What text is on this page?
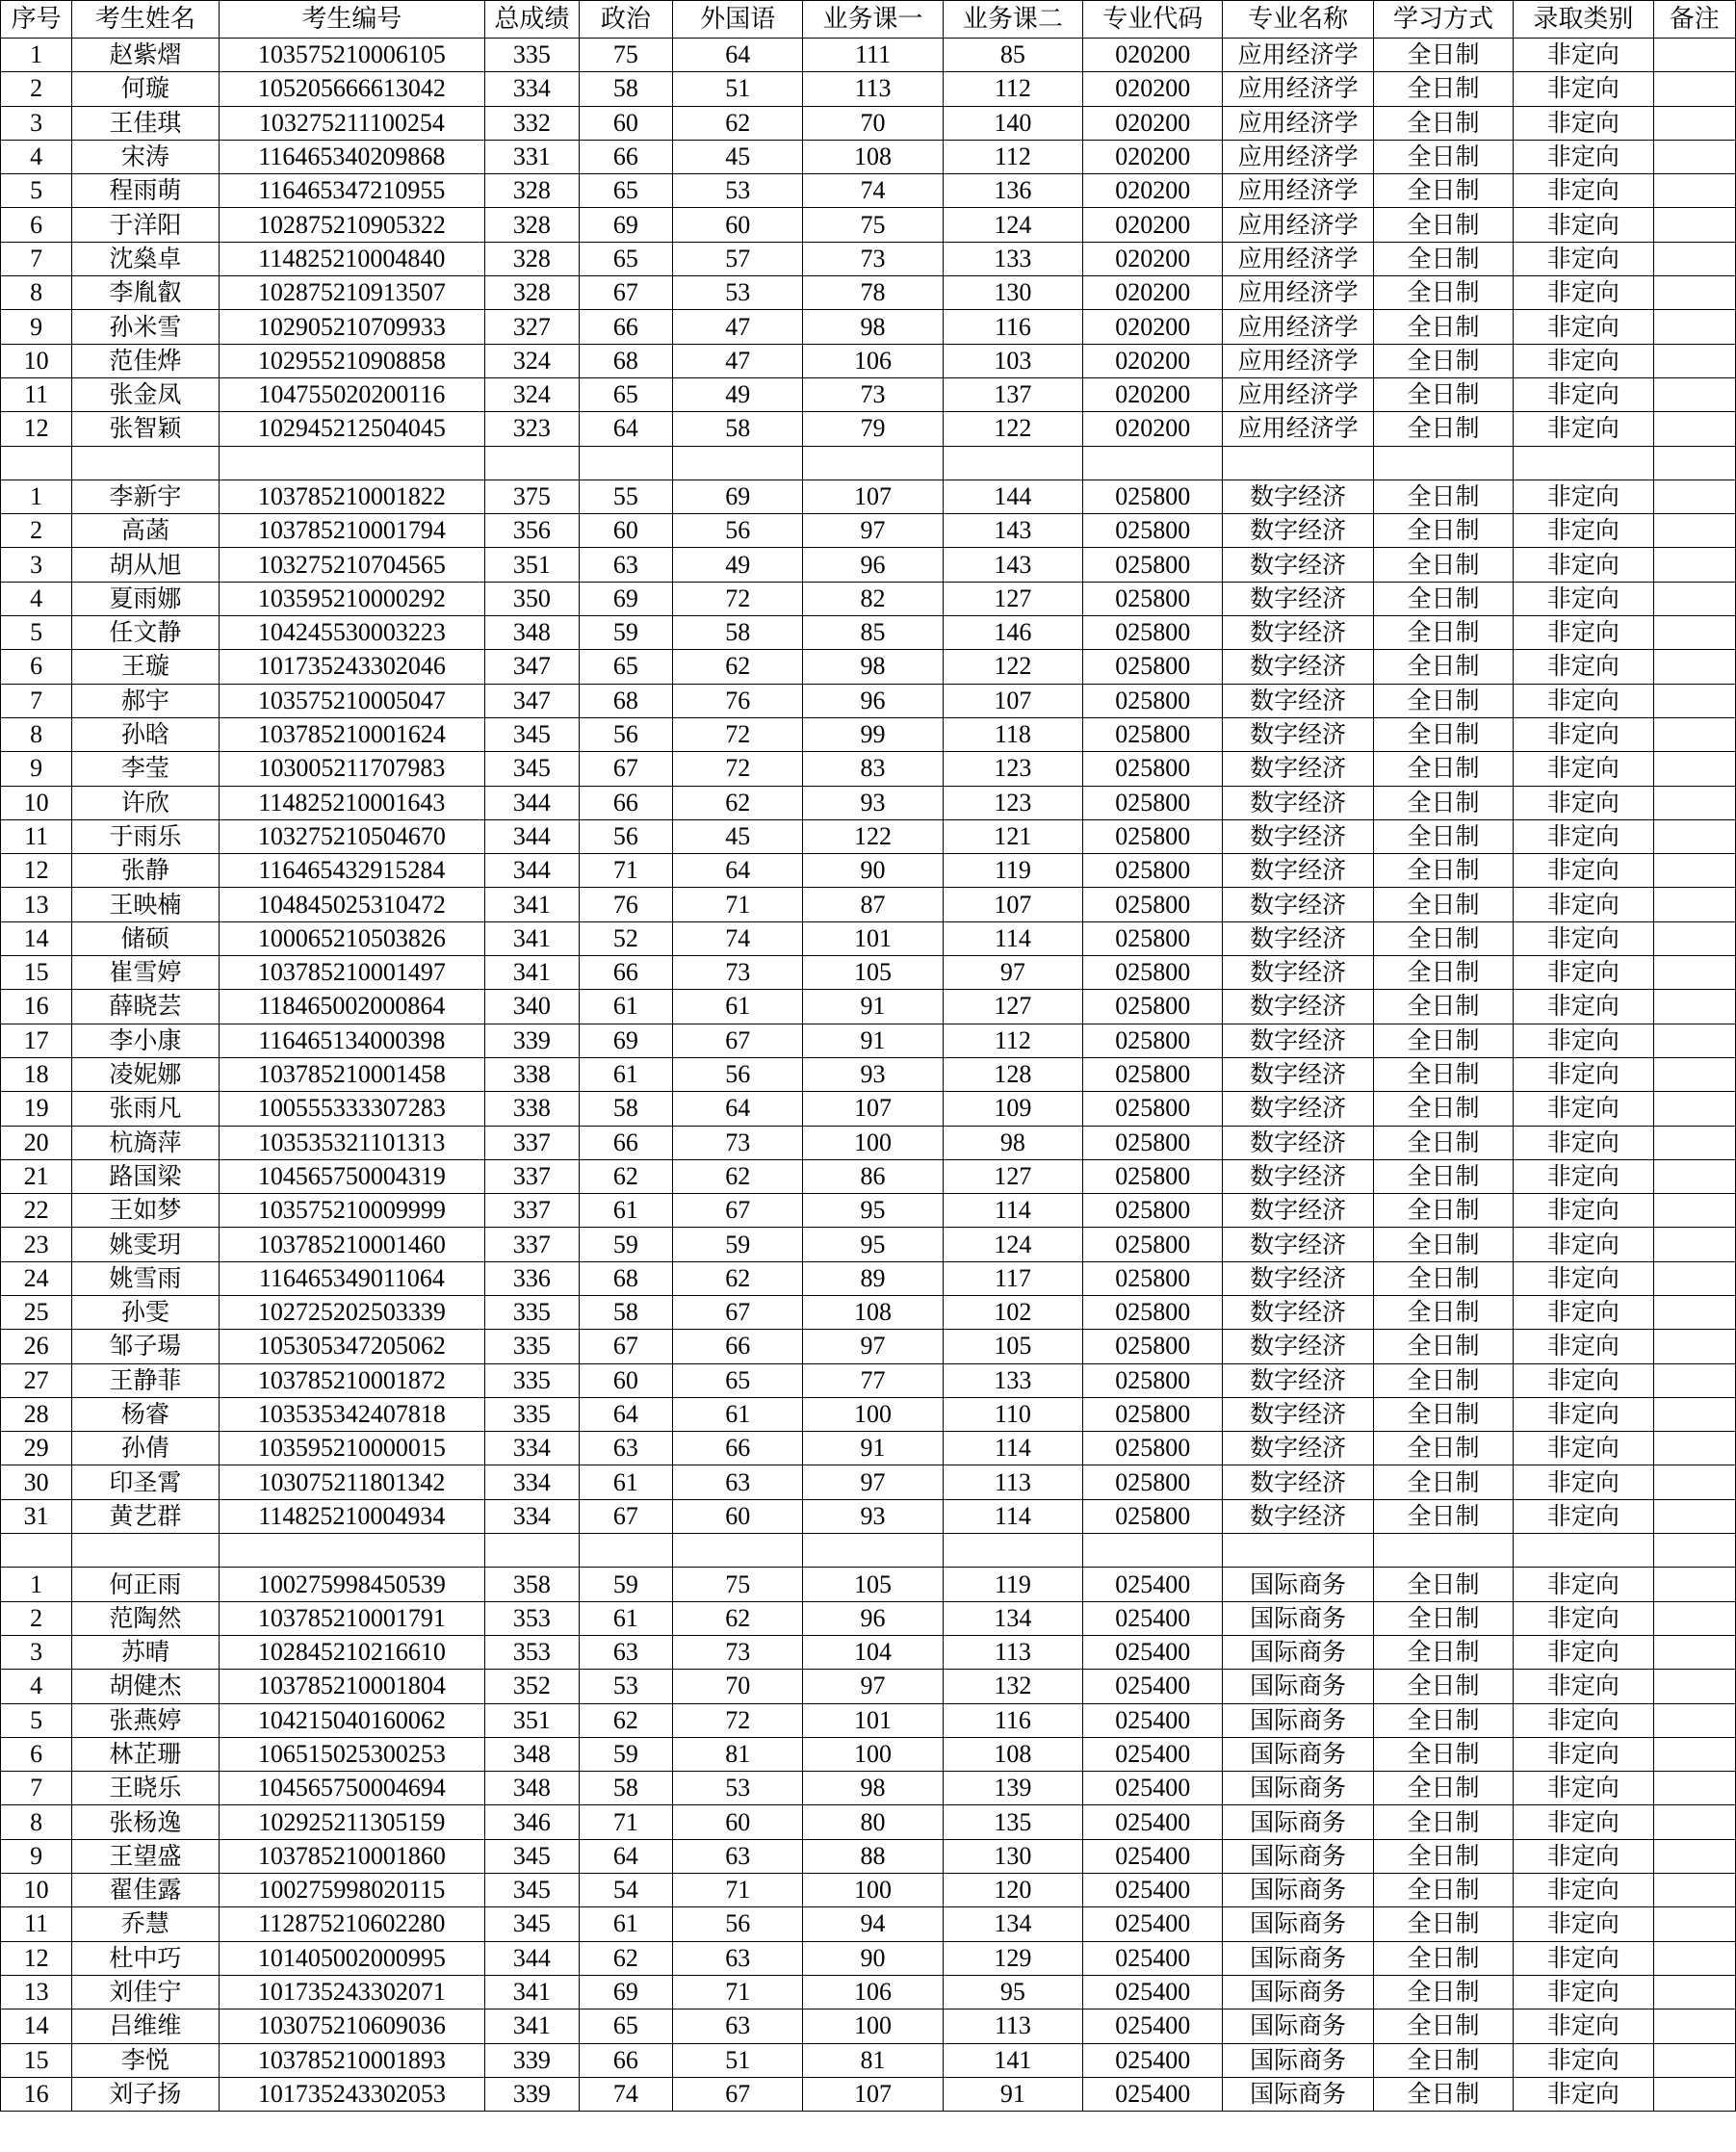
序号	考生姓名	考生编号	总成绩	政治	外国语	业务课一	业务课二	专业代码	专业名称	学习方式	录取类别	备注
1	赵紫熠	103575210006105	335	75	64	111	85	020200	应用经济学	全日制	非定向	
2	何璇	105205666613042	334	58	51	113	112	020200	应用经济学	全日制	非定向	
3	王佳琪	103275211100254	332	60	62	70	140	020200	应用经济学	全日制	非定向	
4	宋涛	116465340209868	331	66	45	108	112	020200	应用经济学	全日制	非定向	
5	程雨萌	116465347210955	328	65	53	74	136	020200	应用经济学	全日制	非定向	
6	于洋阳	102875210905322	328	69	60	75	124	020200	应用经济学	全日制	非定向	
7	沈燊卓	114825210004840	328	65	57	73	133	020200	应用经济学	全日制	非定向	
8	李胤叡	102875210913507	328	67	53	78	130	020200	应用经济学	全日制	非定向	
9	孙米雪	102905210709933	327	66	47	98	116	020200	应用经济学	全日制	非定向	
10	范佳烨	102955210908858	324	68	47	106	103	020200	应用经济学	全日制	非定向	
11	张金凤	104755020200116	324	65	49	73	137	020200	应用经济学	全日制	非定向	
12	张智颖	102945212504045	323	64	58	79	122	020200	应用经济学	全日制	非定向	

1	李新宇	103785210001822	375	55	69	107	144	025800	数字经济	全日制	非定向	
2	高菡	103785210001794	356	60	56	97	143	025800	数字经济	全日制	非定向	
3	胡从旭	103275210704565	351	63	49	96	143	025800	数字经济	全日制	非定向	
4	夏雨娜	103595210000292	350	69	72	82	127	025800	数字经济	全日制	非定向	
5	任文静	104245530003223	348	59	58	85	146	025800	数字经济	全日制	非定向	
6	王璇	101735243302046	347	65	62	98	122	025800	数字经济	全日制	非定向	
7	郝宇	103575210005047	347	68	76	96	107	025800	数字经济	全日制	非定向	
8	孙晗	103785210001624	345	56	72	99	118	025800	数字经济	全日制	非定向	
9	李莹	103005211707983	345	67	72	83	123	025800	数字经济	全日制	非定向	
10	许欣	114825210001643	344	66	62	93	123	025800	数字经济	全日制	非定向	
11	于雨乐	103275210504670	344	56	45	122	121	025800	数字经济	全日制	非定向	
12	张静	116465432915284	344	71	64	90	119	025800	数字经济	全日制	非定向	
13	王映楠	104845025310472	341	76	71	87	107	025800	数字经济	全日制	非定向	
14	储硕	100065210503826	341	52	74	101	114	025800	数字经济	全日制	非定向	
15	崔雪婷	103785210001497	341	66	73	105	97	025800	数字经济	全日制	非定向	
16	薛晓芸	118465002000864	340	61	61	91	127	025800	数字经济	全日制	非定向	
17	李小康	116465134000398	339	69	67	91	112	025800	数字经济	全日制	非定向	
18	凌妮娜	103785210001458	338	61	56	93	128	025800	数字经济	全日制	非定向	
19	张雨凡	100555333307283	338	58	64	107	109	025800	数字经济	全日制	非定向	
20	杭旖萍	103535321101313	337	66	73	100	98	025800	数字经济	全日制	非定向	
21	路国梁	104565750004319	337	62	62	86	127	025800	数字经济	全日制	非定向	
22	王如梦	103575210009999	337	61	67	95	114	025800	数字经济	全日制	非定向	
23	姚雯玥	103785210001460	337	59	59	95	124	025800	数字经济	全日制	非定向	
24	姚雪雨	116465349011064	336	68	62	89	117	025800	数字经济	全日制	非定向	
25	孙雯	102725202503339	335	58	67	108	102	025800	数字经济	全日制	非定向	
26	邹子瑒	105305347205062	335	67	66	97	105	025800	数字经济	全日制	非定向	
27	王静菲	103785210001872	335	60	65	77	133	025800	数字经济	全日制	非定向	
28	杨睿	103535342407818	335	64	61	100	110	025800	数字经济	全日制	非定向	
29	孙倩	103595210000015	334	63	66	91	114	025800	数字经济	全日制	非定向	
30	印圣霄	103075211801342	334	61	63	97	113	025800	数字经济	全日制	非定向	
31	黄艺群	114825210004934	334	67	60	93	114	025800	数字经济	全日制	非定向	

1	何正雨	100275998450539	358	59	75	105	119	025400	国际商务	全日制	非定向	
2	范陶然	103785210001791	353	61	62	96	134	025400	国际商务	全日制	非定向	
3	苏晴	102845210216610	353	63	73	104	113	025400	国际商务	全日制	非定向	
4	胡健杰	103785210001804	352	53	70	97	132	025400	国际商务	全日制	非定向	
5	张燕婷	104215040160062	351	62	72	101	116	025400	国际商务	全日制	非定向	
6	林芷珊	106515025300253	348	59	81	100	108	025400	国际商务	全日制	非定向	
7	王晓乐	104565750004694	348	58	53	98	139	025400	国际商务	全日制	非定向	
8	张杨逸	102925211305159	346	71	60	80	135	025400	国际商务	全日制	非定向	
9	王望盛	103785210001860	345	64	63	88	130	025400	国际商务	全日制	非定向	
10	翟佳露	100275998020115	345	54	71	100	120	025400	国际商务	全日制	非定向	
11	乔慧	112875210602280	345	61	56	94	134	025400	国际商务	全日制	非定向	
12	杜中巧	101405002000995	344	62	63	90	129	025400	国际商务	全日制	非定向	
13	刘佳宁	101735243302071	341	69	71	106	95	025400	国际商务	全日制	非定向	
14	吕维维	103075210609036	341	65	63	100	113	025400	国际商务	全日制	非定向	
15	李悦	103785210001893	339	66	51	81	141	025400	国际商务	全日制	非定向	
16	刘子扬	101735243302053	339	74	67	107	91	025400	国际商务	全日制	非定向	
